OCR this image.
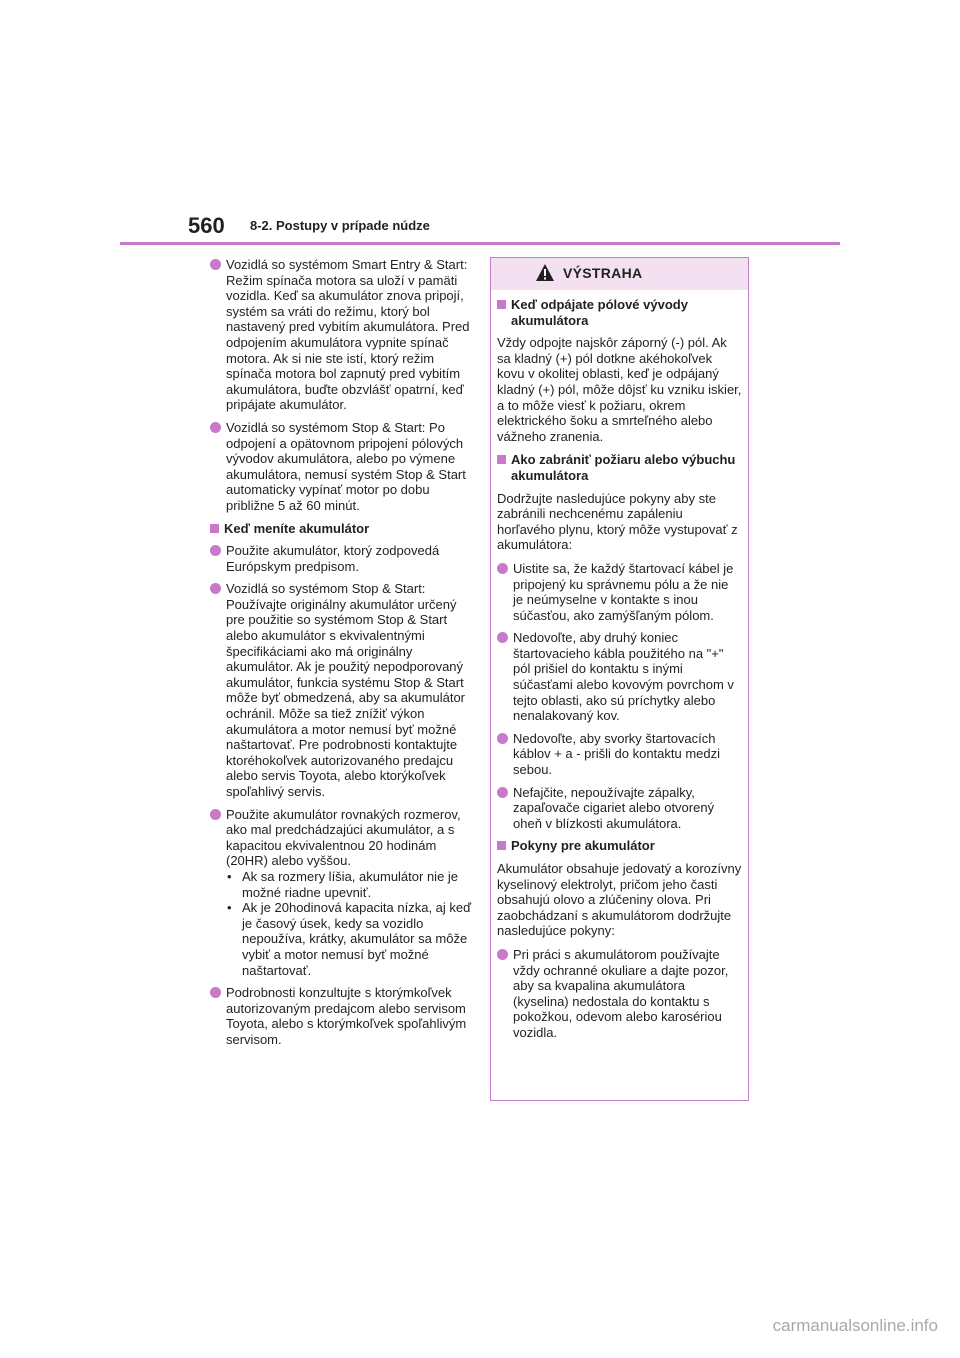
560 8-2. Postupy v prípade núdze

Vozidlá so systémom Smart Entry & Start: Režim spínača motora sa uloží v pamäti vozidla. Keď sa akumulátor znova pripojí, systém sa vráti do režimu, ktorý bol nastavený pred vybitím akumulátora. Pred odpojením akumulátora vypnite spínač motora. Ak si nie ste istí, ktorý režim spínača motora bol zapnutý pred vybitím akumulátora, buďte obzvlášť opatrní, keď pripájate akumulátor.

Vozidlá so systémom Stop & Start: Po odpojení a opätovnom pripojení pólových vývodov akumulátora, alebo po výmene akumulátora, nemusí systém Stop & Start automaticky vypínať motor po dobu približne 5 až 60 minút.

Keď meníte akumulátor

Použite akumulátor, ktorý zodpovedá Európskym predpisom.

Vozidlá so systémom Stop & Start: Používajte originálny akumulátor určený pre použitie so systémom Stop & Start alebo akumulátor s ekvivalentnými špecifikáciami ako má originálny akumulátor. Ak je použitý nepodporovaný akumulátor, funkcia systému Stop & Start môže byť obmedzená, aby sa akumulátor ochránil. Môže sa tiež znížiť výkon akumulátora a motor nemusí byť možné naštartovať. Pre podrobnosti kontaktujte ktoréhokoľvek autorizovaného predajcu alebo servis Toyota, alebo ktorýkoľvek spoľahlivý servis.

Použite akumulátor rovnakých rozmerov, ako mal predchádzajúci akumulátor, a s kapacitou ekvivalentnou 20 hodinám (20HR) alebo vyššou.

• Ak sa rozmery líšia, akumulátor nie je možné riadne upevniť.

• Ak je 20hodinová kapacita nízka, aj keď je časový úsek, kedy sa vozidlo nepoužíva, krátky, akumulátor sa môže vybiť a motor nemusí byť možné naštartovať.

Podrobnosti konzultujte s ktorýmkoľvek autorizovaným predajcom alebo servisom Toyota, alebo s ktorýmkoľvek spoľahlivým servisom.

VÝSTRAHA

Keď odpájate pólové vývody akumulátora

Vždy odpojte najskôr záporný (-) pól. Ak sa kladný (+) pól dotkne akéhokoľvek kovu v okolitej oblasti, keď je odpájaný kladný (+) pól, môže dôjsť ku vzniku iskier, a to môže viesť k požiaru, okrem elektrického šoku a smrteľného alebo vážneho zranenia.

Ako zabrániť požiaru alebo výbuchu akumulátora

Dodržujte nasledujúce pokyny aby ste zabránili nechcenému zapáleniu horľavého plynu, ktorý môže vystupovať z akumulátora:

Uistite sa, že každý štartovací kábel je pripojený ku správnemu pólu a že nie je neúmyselne v kontakte s inou súčasťou, ako zamýšľaným pólom.

Nedovoľte, aby druhý koniec štartovacieho kábla použitého na "+" pól prišiel do kontaktu s inými súčasťami alebo kovovým povrchom v tejto oblasti, ako sú príchytky alebo nenalakovaný kov.

Nedovoľte, aby svorky štartovacích káblov + a - prišli do kontaktu medzi sebou.

Nefajčite, nepoužívajte zápalky, zapaľovače cigariet alebo otvorený oheň v blízkosti akumulátora.

Pokyny pre akumulátor

Akumulátor obsahuje jedovatý a korozívny kyselinový elektrolyt, pričom jeho časti obsahujú olovo a zlúčeniny olova. Pri zaobchádzaní s akumulátorom dodržujte nasledujúce pokyny:

Pri práci s akumulátorom používajte vždy ochranné okuliare a dajte pozor, aby sa kvapalina akumulátora (kyselina) nedostala do kontaktu s pokožkou, odevom alebo karosériou vozidla.

carmanualsonline.info
